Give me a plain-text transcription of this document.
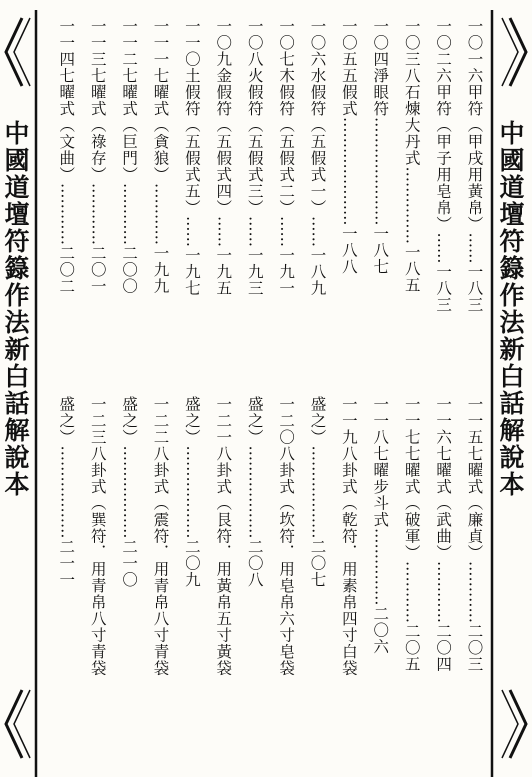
中國道壇符籙作法新白話解說本	中國道壇符籙作法新白話解說本
一〇一六甲符（甲戌用黃帛）……一八三
一〇二六甲符（甲子用皂帛）……一八三
一〇三八石煉大丹式……………一八五
一〇四淨眼符…………………一八七
一〇五五假式…………………一八八
一〇六水假符（五假式一）……一八九
一〇七木假符（五假式二）……一九一
一〇八火假符（五假式三）……一九三
一〇九金假符（五假式四）……一九五
一一〇土假符（五假式五）……一九七
一一一七曜式（貪狼）…………一九九
一一二七曜式（巨門）…………二〇〇
一一三七曜式（祿存）…………二〇一
一一四七曜式（文曲）…………二〇二
一一五七曜式（廉貞）…………二〇三
一一六七曜式（武曲）…………二〇四
一一七七曜式（破軍）…………二〇五
一一八七曜步斗式……………二〇六
一一九八卦式（乾符．用素帛四寸白袋
盛之）………………二〇七
一二〇八卦式（坎符．用皂帛六寸皂袋
盛之）………………二〇八
一二一八卦式（艮符．用黃帛五寸黃袋
盛之）………………二〇九
一二二八卦式（震符．用青帛八寸青袋
盛之）………………二一〇
一二三八卦式（巽符．用青帛八寸青袋
盛之）………………二一一
